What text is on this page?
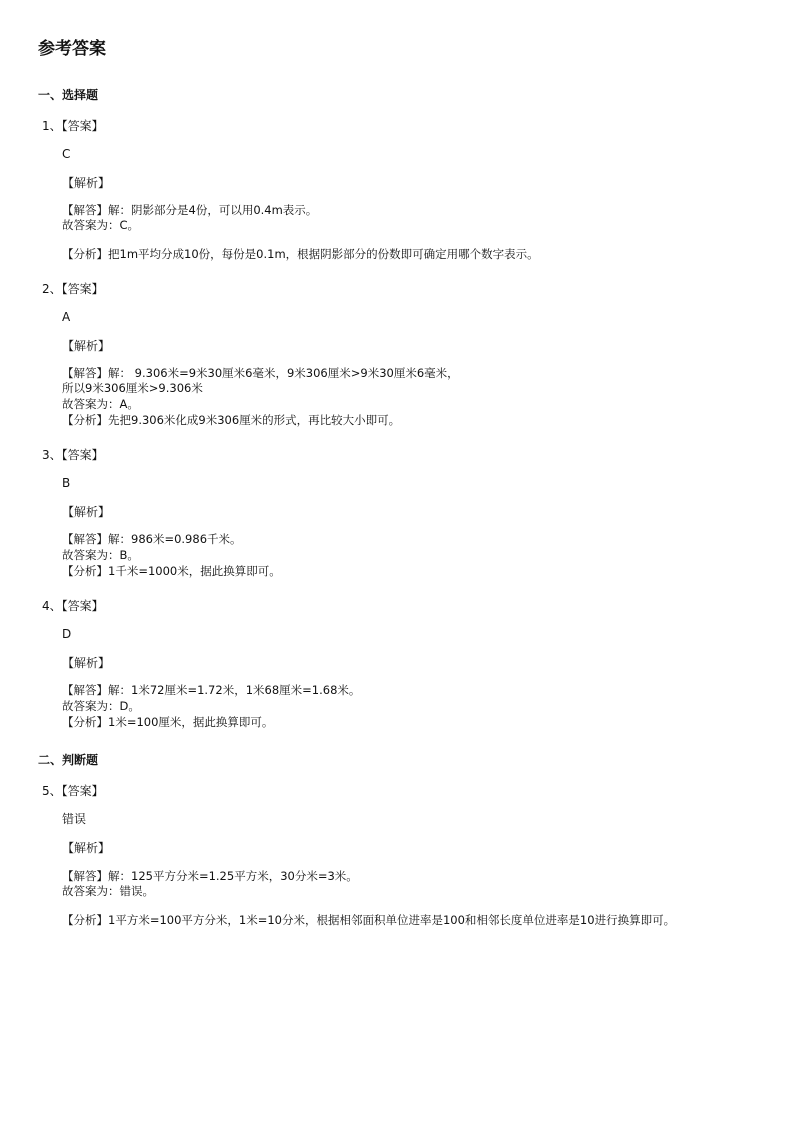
参考答案
一、选择题
1、【答案】
C
【解析】
【解答】解：阴影部分是4份，可以用0.4m表示。
故答案为：C。
【分析】把1m平均分成10份，每份是0.1m，根据阴影部分的份数即可确定用哪个数字表示。
2、【答案】
A
【解析】
【解答】解： 9.306米=9米30厘米6毫米，9米306厘米>9米30厘米6毫米，
所以9米306厘米>9.306米
故答案为：A。
【分析】先把9.306米化成9米306厘米的形式，再比较大小即可。
3、【答案】
B
【解析】
【解答】解：986米=0.986千米。
故答案为：B。
【分析】1千米=1000米，据此换算即可。
4、【答案】
D
【解析】
【解答】解：1米72厘米=1.72米，1米68厘米=1.68米。
故答案为：D。
【分析】1米=100厘米，据此换算即可。
二、判断题
5、【答案】
错误
【解析】
【解答】解：125平方分米=1.25平方米，30分米=3米。
故答案为：错误。
【分析】1平方米=100平方分米，1米=10分米，根据相邻面积单位进率是100和相邻长度单位进率是10进行换算即可。
